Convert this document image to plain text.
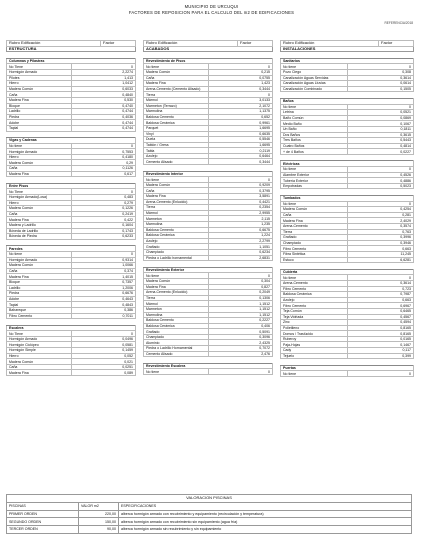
MUNICIPIO DE URCUQUI
FACTORES DE REPOSICION PARA EL CALCULO DEL m2 DE EDIFICACIONES
REFERENCIA/2018
Rubro Edificación	Factor
ESTRUCTURA
Columnas y Pilastras	
No Tiene	0
Hormigón Armado	2,2274
Pilotes	1,413
Hierro	1,0412
Madera Común	0,6033
Caña	0,4840
Madera Fina	0,530
Bloque	0,4740
Ladrillo	0,4744
Piedra	0,4036
Adobe	0,4744
Tapial	0,4744
Vigas y Cadenas	
No tiene	0
Hormigón Armado	0,7553
Hierro	0,4180
Madera Común	0,29
Caña	0,1126
Madera Fina	0,617
Entre Pisos	
No Tiene	0
Hormigón Armado(Losa)	0,483
Hierro	0,279
Madera Común	0,1226
Caña	0,2419
Madera Fina	0,422
Madera y Ladrillo	0,1604
Bóveda de Ladrillo	0,1743
Bóveda de Piedra	0,6233
Paredes	
No tiene	0
Hormigón Armado	0,9314
Madera Común	1,0066
Caña	0,374
Madera Fina	1,4015
Bloque	0,7357
Ladrillo	1,2006
Piedra	0,6676
Adobe	0,4643
Tapial	0,4843
Bahareque	0,386
Fibro Cemento	0,7011
Escalera	
No Tiene	0
Hormigón Armado	0,0496
Hormigón Ciclópeo	0,0581
Hormigón Simple	0,1459
Hierro	0,052
Madera Común	0,021
Caña	0,0251
Madera Fina	0,089
Rubro Edificación	Factor
ACABADOS
Revestimiento de Pisos	
No tiene	0
Madera Común	0,215
Caña	0,0755
Madera Fina	1,423
Arena-Cemento (Cemento Alisado)	0,3444
Tierra	0
Mármol	3,0133
Marmeton (Terrazo)	2,1072
Marmolina	1,1375
Baldosa Cemento	0,652
Baldosa Cerámica	0,9961
Parquet	1,6695
Vinyl	0,6635
Duela	0,5546
Tablón / Gress	1,6695
Tabla	0,2119
Azulejo	0,6464
Cemento Alisado	0,3444
Revestimiento Interior	
No tiene	0
Madera Común	0,9209
Caña	0,3795
Madera Fina	3,5891
Arena-Cemento (Enlucido)	0,4421
Tierra	0,2354
Mármol	2,9955
Marmeton	2,115
Marmolina	1,235
Baldosa Cemento	0,6675
Baldosa Cerámica	1,224
Azulejo	2,2799
Grafiado	1,1051
Champiado	0,6234
Piedra o Ladrillo hornamental	2,6831
Revestimiento Exterior	
No tiene	0
Madera Común	0,304
Madera Fina	0,827
Arena-Cemento (Enlucido)	0,2049
Tierra	0,1306
Mármol	1,1512
Marmeton	1,1512
Marmolina	1,1512
Baldosa Cemento	0,2227
Baldosa Cerámica	0,406
Grafiado	0,5091
Champiado	0,3096
Aluminio	2,4325
Piedra o Ladrillo Hornamental	0,7072
Cemento Alisado	2,476
Revestimiento Escalera
No tiene	0
Rubro Edificación	Factor
INSTALACIONES
Sanitarios	
No tiene	0
Pozo Ciego	0,308
Canalización Aguas Servidas	0,3614
Canalización Aguas Lluvias	0,0614
Canalización Combinado	0,1505
Baños	
No tiene	0
Letrina	0,0521
Baño Común	0,0869
Medio Baño	0,1067
Un Baño	0,1811
Dos Baños	0,3615
Tres Baños	0,5443
Cuatro Baños	0,4814
+ de 4 Baños	0,0227
Eléctricas	
No tiene	0
Alambre Exterior	0,4526
Tubería Exterior	0,4886
Empotradas	0,5023
Tumbados	
No tiene	0
Madera Común	0,4254
Caña	0,281
Madera Fina	2,4029
Arena-Cemento	0,3574
Tierra	0,763
Grafiado	0,3996
Champiado	0,3946
Fibro Cemento	0,663
Fibra Sintética	11,245
Estuco	6,6281
Cubierta	
No tiene	0
Arena-Cemento	0,3614
Fibro Cemento	0,723
Baldosa Cerámica	0,7987
Azulejo	0,663
Fibro Cemento	0,6967
Teja Común	0,6465
Teja Vidriada	0,4567
Zinc	0,4594
Polietileno	0,8165
Domos / Traslúcido	0,8165
Ruberoy	0,0165
Paja-Hojas	0,1467
Cady	0,117
Tejuelo	0,399
Puertas
No tiene	0
VALORACION PISCINAS		
PISCINAS	VALOR m2	ESPECIFICACIONES
PRIMER ORDEN	220,00	alberca hormigón armado con recubrimiento y equipamiento (recirculación y temperatura)
SEGUNDO ORDEN	150,00	alberca hormigón armado con recubrimiento sin equipamiento (agua fría)
TERCER ORDEN	90,00	alberca hormigón armado sin recubrimiento y sin equipamiento
